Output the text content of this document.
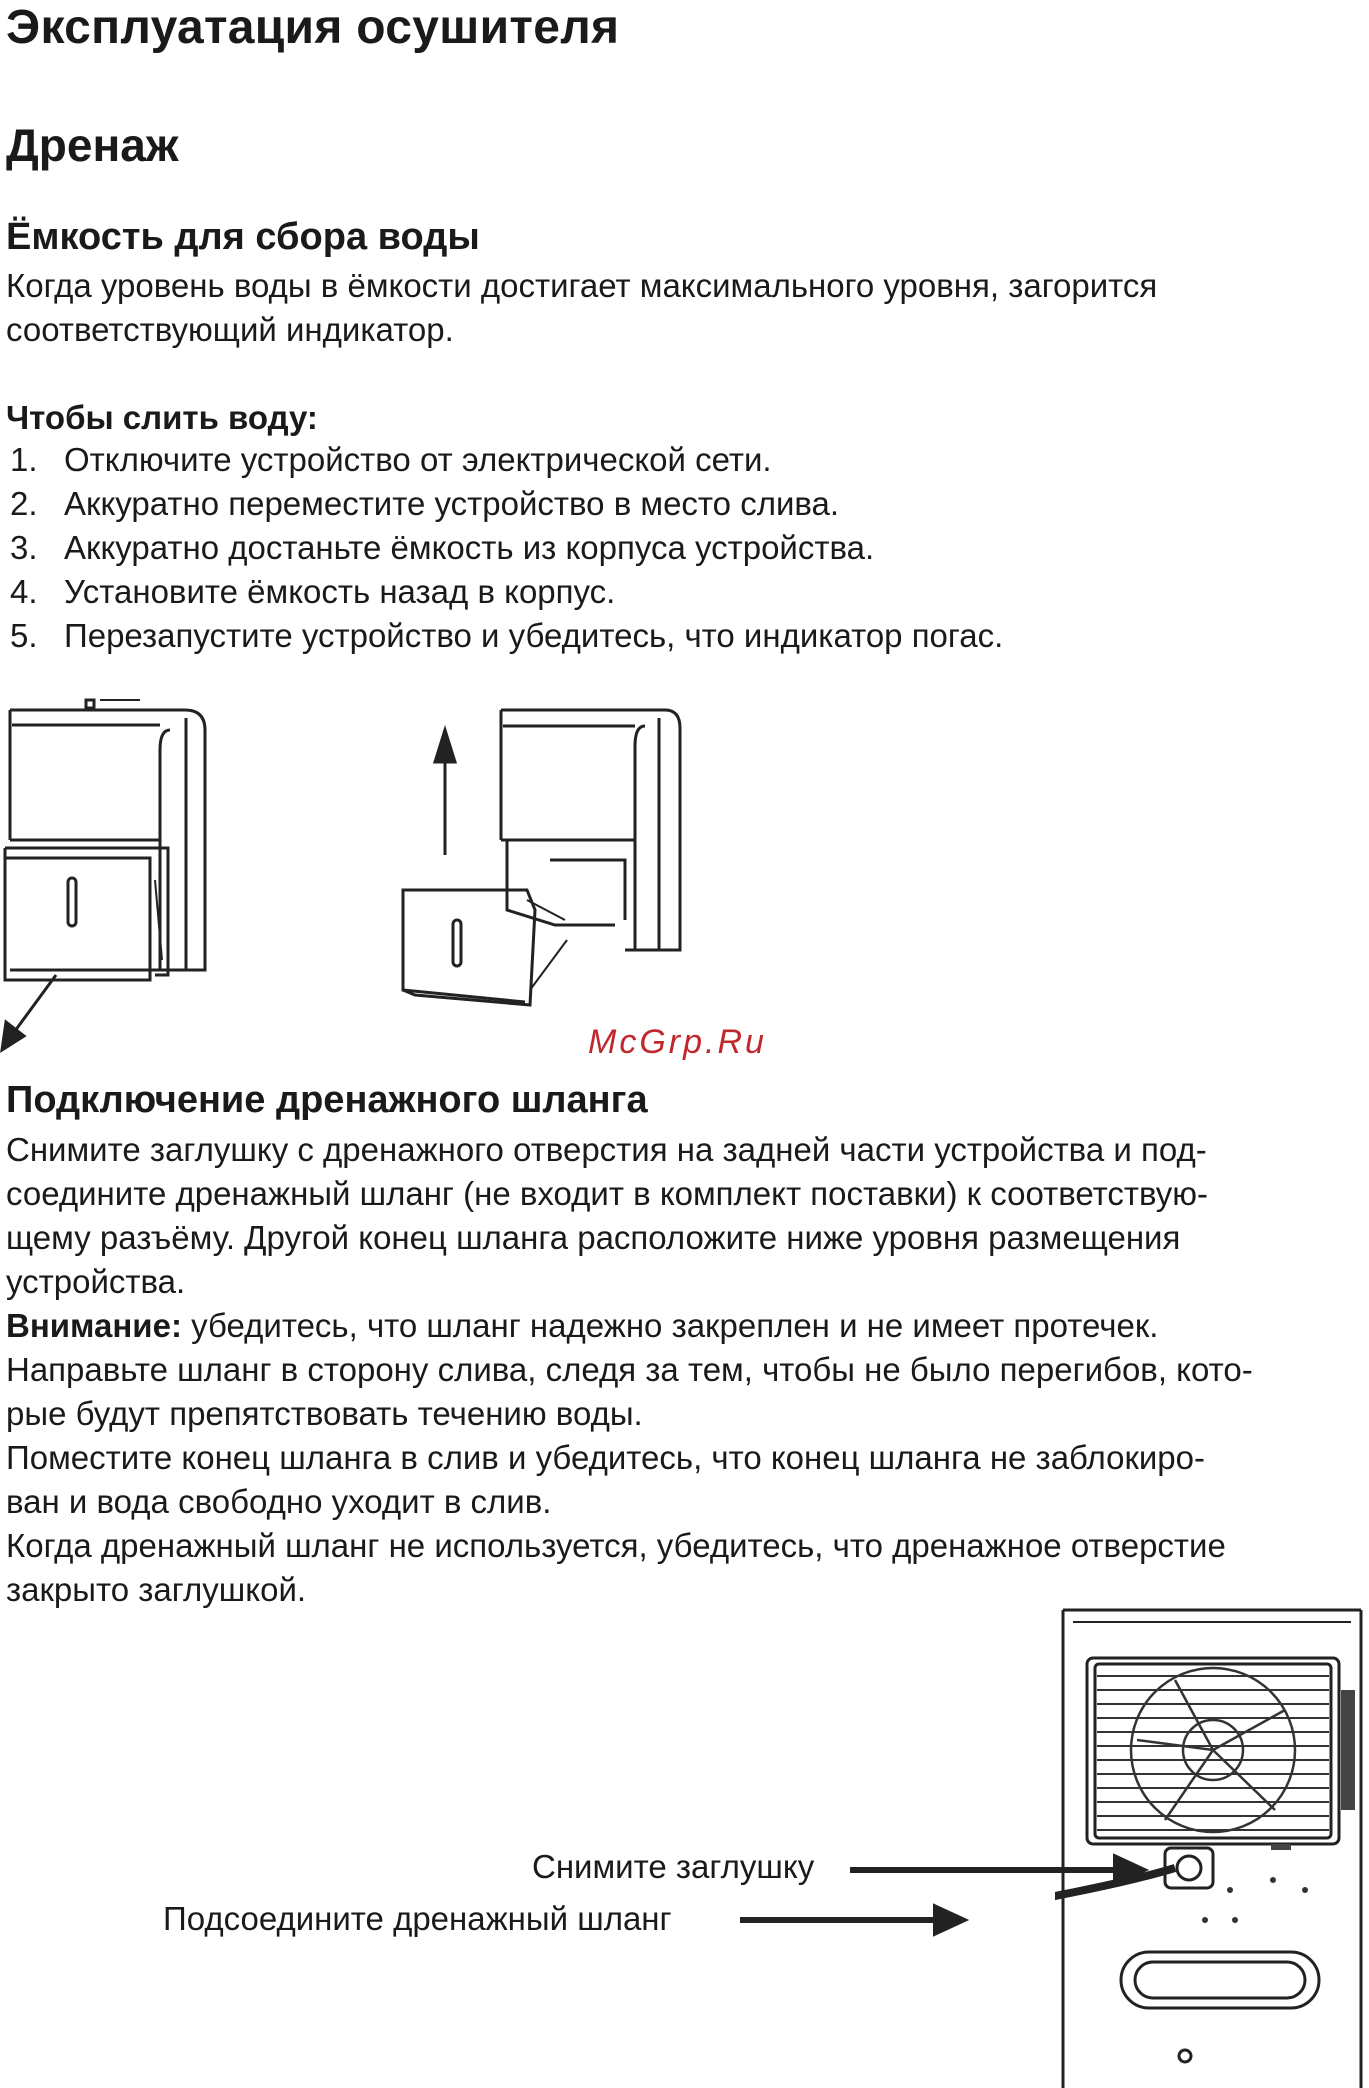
Эксплуатация осушителя
Дренаж
Ёмкость для сбора воды
Когда уровень воды в ёмкости достигает максимального уровня, загорится
соответствующий индикатор.
Чтобы слить воду:
1. Отключите устройство от электрической сети.
2. Аккуратно переместите устройство в место слива.
3. Аккуратно достаньте ёмкость из корпуса устройства.
4. Установите ёмкость назад в корпус.
5. Перезапустите устройство и убедитесь, что индикатор погас.
McGrp.Ru
Подключение дренажного шланга
Снимите заглушку с дренажного отверстия на задней части устройства и под-
соедините дренажный шланг (не входит в комплект поставки) к соответствую-
щему разъёму. Другой конец шланга расположите ниже уровня размещения
устройства.
Внимание: убедитесь, что шланг надежно закреплен и не имеет протечек.
Направьте шланг в сторону слива, следя за тем, чтобы не было перегибов, кото-
рые будут препятствовать течению воды.
Поместите конец шланга в слив и убедитесь, что конец шланга не заблокиро-
ван и вода свободно уходит в слив.
Когда дренажный шланг не используется, убедитесь, что дренажное отверстие
закрыто заглушкой.
Снимите заглушку
Подсоедините дренажный шланг
